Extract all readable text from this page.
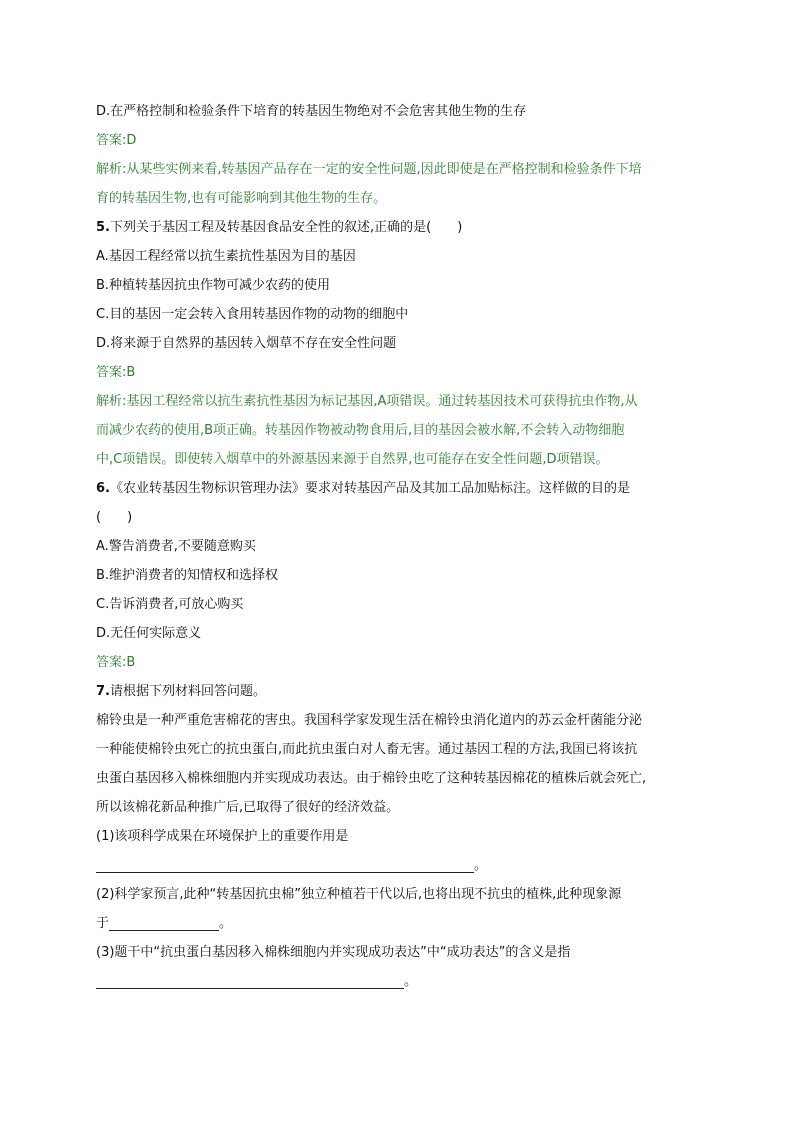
D.在严格控制和检验条件下培育的转基因生物绝对不会危害其他生物的生存
答案:D
解析:从某些实例来看,转基因产品存在一定的安全性问题,因此即使是在严格控制和检验条件下培
育的转基因生物,也有可能影响到其他生物的生存。
5.下列关于基因工程及转基因食品安全性的叙述,正确的是(　　)
A.基因工程经常以抗生素抗性基因为目的基因
B.种植转基因抗虫作物可减少农药的使用
C.目的基因一定会转入食用转基因作物的动物的细胞中
D.将来源于自然界的基因转入烟草不存在安全性问题
答案:B
解析:基因工程经常以抗生素抗性基因为标记基因,A项错误。通过转基因技术可获得抗虫作物,从
而减少农药的使用,B项正确。转基因作物被动物食用后,目的基因会被水解,不会转入动物细胞
中,C项错误。即使转入烟草中的外源基因来源于自然界,也可能存在安全性问题,D项错误。
6.《农业转基因生物标识管理办法》要求对转基因产品及其加工品加贴标注。这样做的目的是
(　　)
A.警告消费者,不要随意购买
B.维护消费者的知情权和选择权
C.告诉消费者,可放心购买
D.无任何实际意义
答案:B
7.请根据下列材料回答问题。
棉铃虫是一种严重危害棉花的害虫。我国科学家发现生活在棉铃虫消化道内的苏云金杆菌能分泌
一种能使棉铃虫死亡的抗虫蛋白,而此抗虫蛋白对人畜无害。通过基因工程的方法,我国已将该抗
虫蛋白基因移入棉株细胞内并实现成功表达。由于棉铃虫吃了这种转基因棉花的植株后就会死亡,
所以该棉花新品种推广后,已取得了很好的经济效益。
(1)该项科学成果在环境保护上的重要作用是
。
(2)科学家预言,此种“转基因抗虫棉”独立种植若干代以后,也将出现不抗虫的植株,此种现象源
于	。
(3)题干中“抗虫蛋白基因移入棉株细胞内并实现成功表达”中“成功表达”的含义是指
。
